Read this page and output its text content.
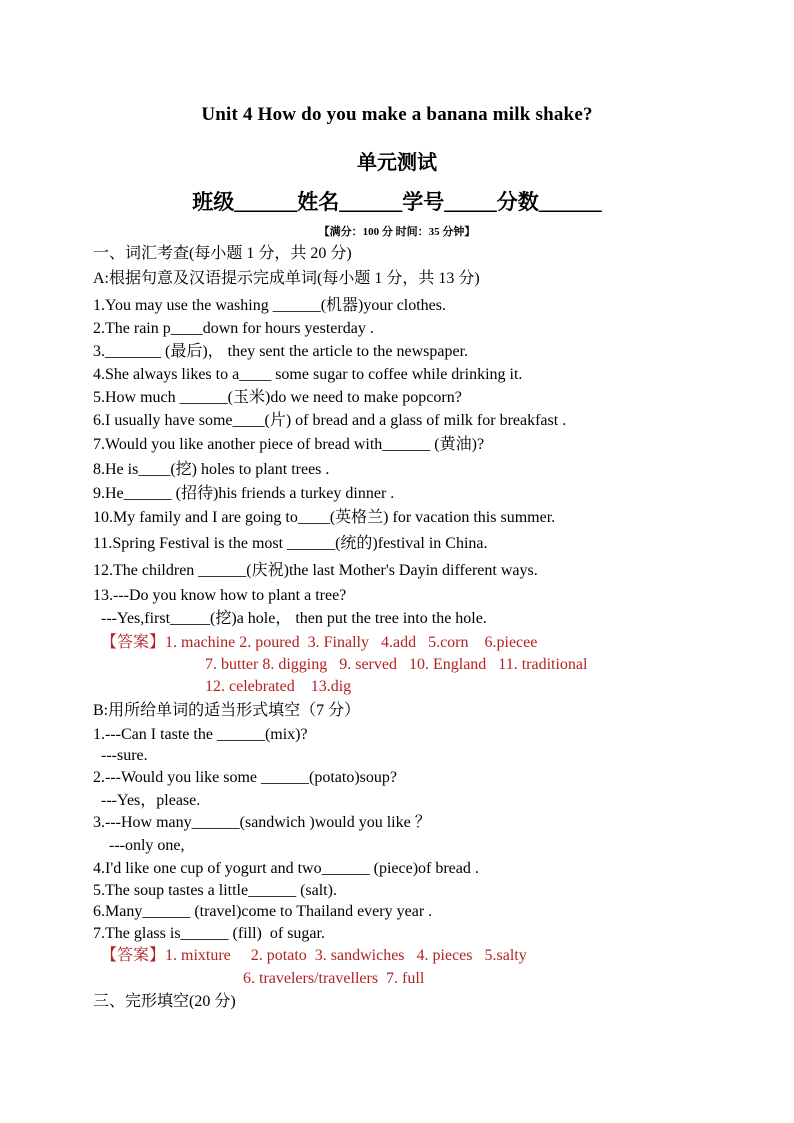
Unit 4 How do you make a banana milk shake?
单元测试
班级______姓名______学号_____分数______
【满分：100 分 时间：35 分钟】

一、词汇考查(每小题 1 分，共 20 分)

A:根据句意及汉语提示完成单词(每小题 1 分，共 13 分)

1.You may use the washing ______(机器)your clothes.

2.The rain p____down for hours yesterday .

3._______ (最后)， they sent the article to the newspaper.

4.She always likes to a____ some sugar to coffee while drinking it.

5.How much ______(玉米)do we need to make popcorn?

6.I usually have some____(片) of bread and a glass of milk for breakfast .

7.Would you like another piece of bread with______ (黄油)?

8.He is____(挖) holes to plant trees .

9.He______ (招待)his friends a turkey dinner .

10.My family and I are going to____(英格兰) for vacation this summer.

11.Spring Festival is the most ______(统的)festival in China.

12.The children ______(庆祝)the last Mother's Dayin different ways.

13.---Do you know how to plant a tree?

---Yes,first_____(挖)a hole， then put the tree into the hole.

【答案】1. machine 2. poured  3. Finally   4.add   5.corn    6.piecee

7. butter 8. digging   9. served   10. England   11. traditional

12. celebrated    13.dig

B:用所给单词的适当形式填空（7 分）

1.---Can I taste the ______(mix)?

---sure.

2.---Would you like some ______(potato)soup?

---Yes，please.

3.---How many______(sandwich )would you like ？

---only one,

4.I'd like one cup of yogurt and two______ (piece)of bread .

5.The soup tastes a little______ (salt).

6.Many______ (travel)come to Thailand every year .

7.The glass is______ (fill)  of sugar.

【答案】1. mixture     2. potato  3. sandwiches   4. pieces   5.salty

6. travelers/travellers  7. full

三、完形填空(20 分)
